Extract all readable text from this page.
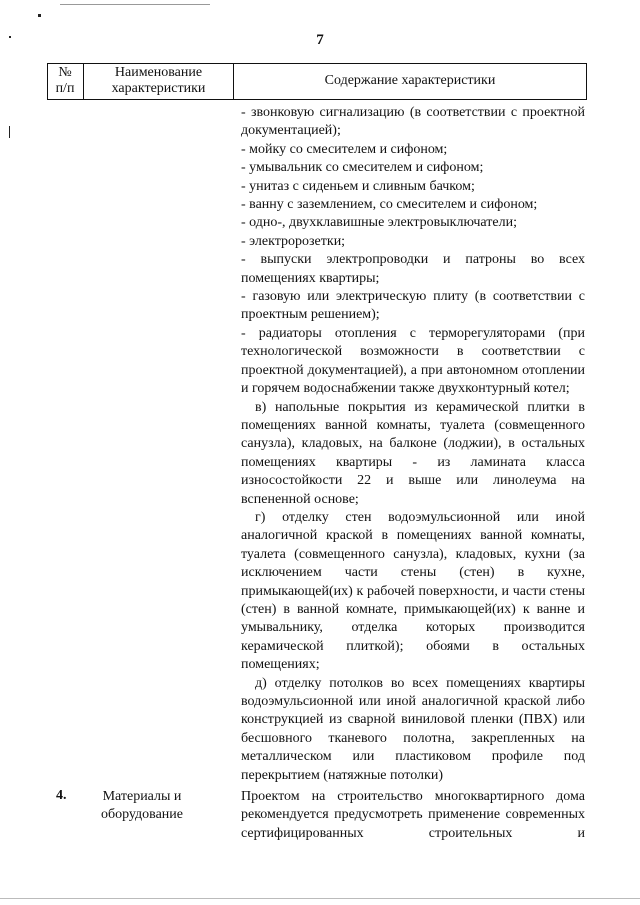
7
№
п/п
Наименование
характеристики
Содержание характеристики

- звонковую сигнализацию (в соответствии с проектной документацией);

- мойку со смесителем и сифоном;

- умывальник со смесителем и сифоном;

- унитаз с сиденьем и сливным бачком;

- ванну с заземлением, со смесителем и сифоном;

- одно-, двухклавишные электровыключатели;

- электророзетки;

- выпуски электропроводки и патроны во всех помещениях квартиры;

- газовую или электрическую плиту (в соответствии с проектным решением);

- радиаторы отопления с терморегуляторами (при технологической возможности в соответствии с проектной документацией), а при автономном отоплении и горячем водоснабжении также двухконтурный котел;

в) напольные покрытия из керамической плитки в помещениях ванной комнаты, туалета (совмещенного санузла), кладовых, на балконе (лоджии), в остальных помещениях квартиры - из ламината класса износостойкости 22 и выше или линолеума на вспененной основе;

г) отделку стен водоэмульсионной или иной аналогичной краской в помещениях ванной комнаты, туалета (совмещенного санузла), кладовых, кухни (за исключением части стены (стен) в кухне, примыкающей(их) к рабочей поверхности, и части стены (стен) в ванной комнате, примыкающей(их) к ванне и умывальнику, отделка которых производится керамической плиткой); обоями в остальных помещениях;

д) отделку потолков во всех помещениях квартиры водоэмульсионной или иной аналогичной краской либо конструкцией из сварной виниловой пленки (ПВХ) или бесшовного тканевого полотна, закрепленных на металлическом или пластиковом профиле под перекрытием (натяжные потолки)

4.	Материалы и оборудование
Проектом на строительство многоквартирного дома рекомендуется предусмотреть применение современных сертифицированных строительных и
